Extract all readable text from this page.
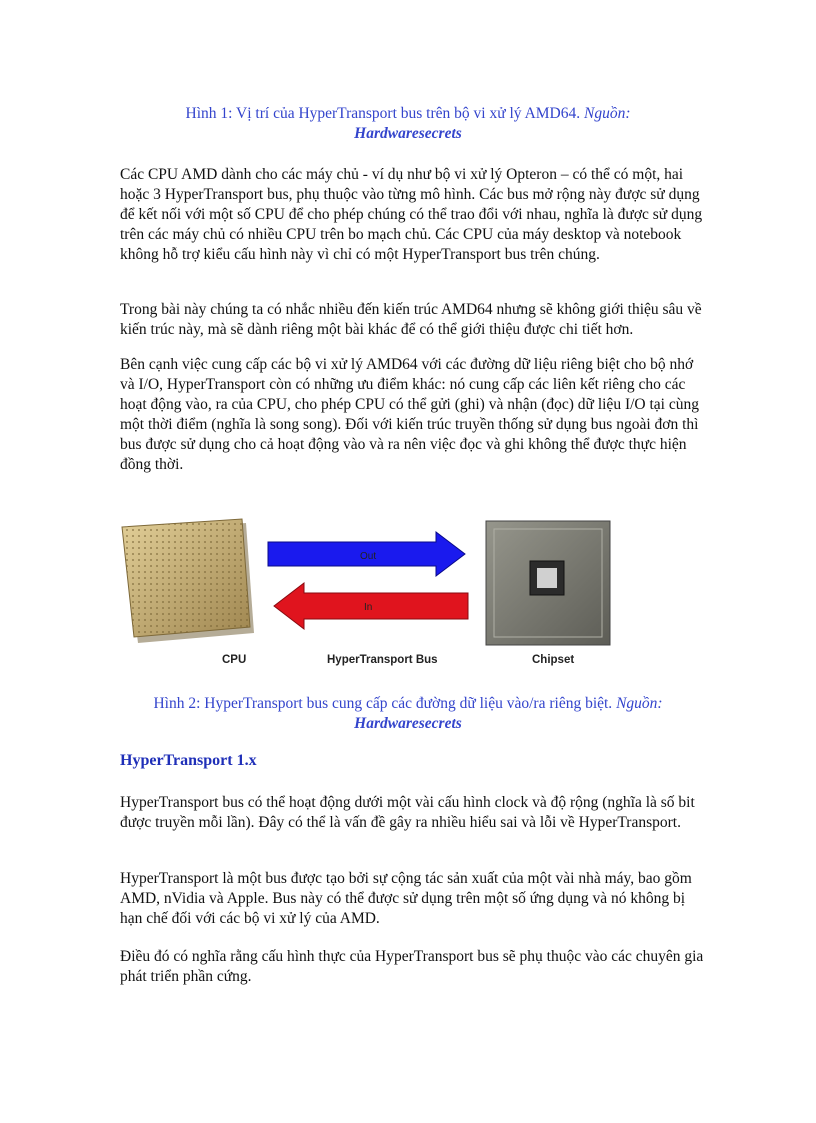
Hình 1: Vị trí của HyperTransport bus trên bộ vi xử lý AMD64. Nguồn:
Hardwaresecrets
Các CPU AMD dành cho các máy chủ - ví dụ như bộ vi xử lý Opteron – có thể có một, hai hoặc 3 HyperTransport bus, phụ thuộc vào từng mô hình. Các bus mở rộng này được sử dụng để kết nối với một số CPU để cho phép chúng có thể trao đổi với nhau, nghĩa là được sử dụng trên các máy chủ có nhiều CPU trên bo mạch chủ. Các CPU của máy desktop và notebook không hỗ trợ kiểu cấu hình này vì chỉ có một HyperTransport bus trên chúng.
Trong bài này chúng ta có nhắc nhiều đến kiến trúc AMD64 nhưng sẽ không giới thiệu sâu về kiến trúc này, mà sẽ dành riêng một bài khác để có thể giới thiệu được chi tiết hơn.
Bên cạnh việc cung cấp các bộ vi xử lý AMD64 với các đường dữ liệu riêng biệt cho bộ nhớ và I/O, HyperTransport còn có những ưu điểm khác: nó cung cấp các liên kết riêng cho các hoạt động vào, ra của CPU, cho phép CPU có thể gửi (ghi) và nhận (đọc) dữ liệu I/O tại cùng một thời điểm (nghĩa là song song). Đối với kiến trúc truyền thống sử dụng bus ngoài đơn thì bus được sử dụng cho cả hoạt động vào và ra nên việc đọc và ghi không thể được thực hiện đồng thời.
Out
In
CPU	HyperTransport Bus	Chipset
Hình 2: HyperTransport bus cung cấp các đường dữ liệu vào/ra riêng biệt. Nguồn:
Hardwaresecrets
HyperTransport 1.x
HyperTransport bus có thể hoạt động dưới một vài cấu hình clock và độ rộng (nghĩa là số bit được truyền mỗi lần). Đây có thể là vấn đề gây ra nhiều hiểu sai và lỗi về HyperTransport.
HyperTransport là một bus được tạo bởi sự cộng tác sản xuất của một vài nhà máy, bao gồm AMD, nVidia và Apple. Bus này có thể được sử dụng trên một số ứng dụng và nó không bị hạn chế đối với các bộ vi xử lý của AMD.
Điều đó có nghĩa rằng cấu hình thực của HyperTransport bus sẽ phụ thuộc vào các chuyên gia phát triển phần cứng.
